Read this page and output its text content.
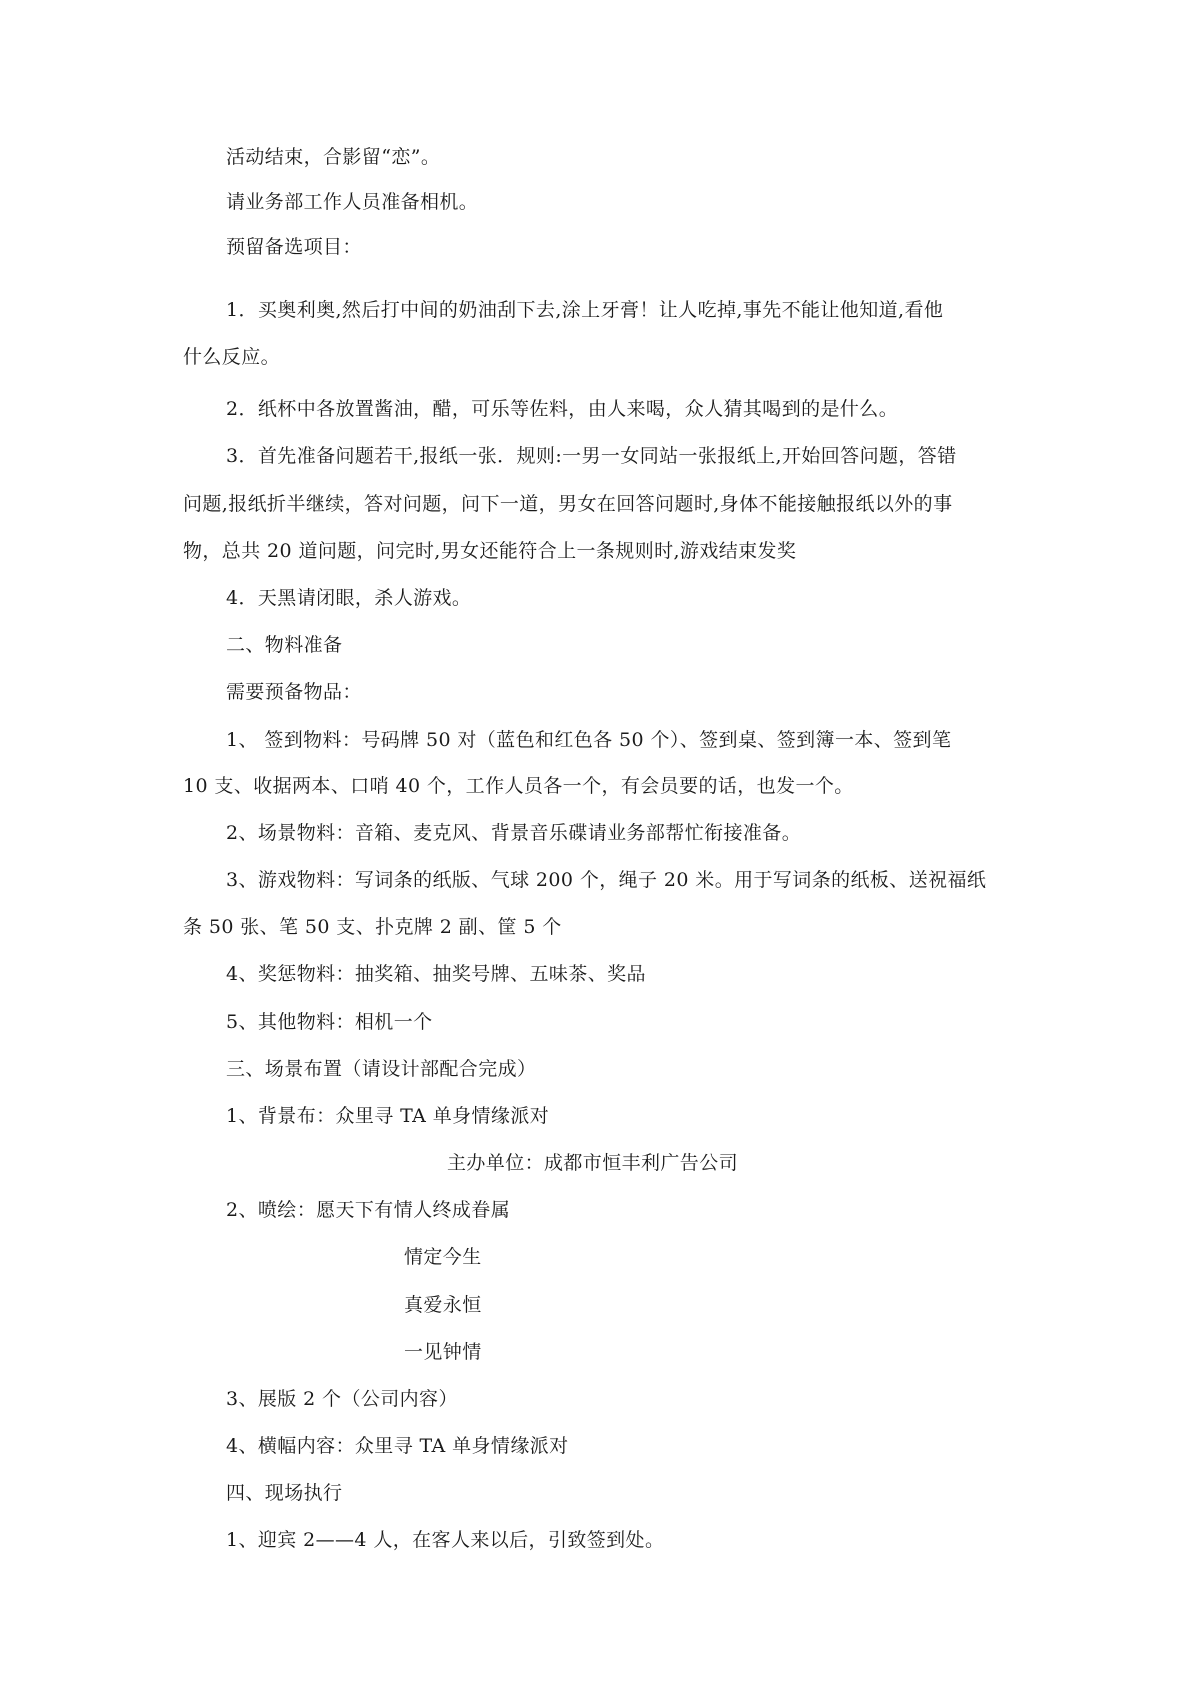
活动结束，合影留“恋”。
请业务部工作人员准备相机。
预留备选项目：
1．买奥利奥,然后打中间的奶油刮下去,涂上牙膏！让人吃掉,事先不能让他知道,看他
什么反应。
2．纸杯中各放置酱油，醋，可乐等佐料，由人来喝，众人猜其喝到的是什么。
3．首先准备问题若干,报纸一张．规则:一男一女同站一张报纸上,开始回答问题，答错
问题,报纸折半继续，答对问题，问下一道，男女在回答问题时,身体不能接触报纸以外的事
物，总共 20 道问题，问完时,男女还能符合上一条规则时,游戏结束发奖
4．天黑请闭眼，杀人游戏。
二、物料准备
需要预备物品：
1、 签到物料：号码牌 50 对（蓝色和红色各 50 个）、签到桌、签到簿一本、签到笔
10 支、收据两本、口哨 40 个，工作人员各一个，有会员要的话，也发一个。
2、场景物料：音箱、麦克风、背景音乐碟请业务部帮忙衔接准备。
3、游戏物料：写词条的纸版、气球 200 个，绳子 20 米。用于写词条的纸板、送祝福纸
条 50 张、笔 50 支、扑克牌 2 副、筐 5 个
4、奖惩物料：抽奖箱、抽奖号牌、五味茶、奖品
5、其他物料：相机一个
三、场景布置（请设计部配合完成）
1、背景布：众里寻 TA 单身情缘派对
主办单位：成都市恒丰利广告公司
2、喷绘：愿天下有情人终成眷属
情定今生
真爱永恒
一见钟情
3、展版 2 个（公司内容）
4、横幅内容：众里寻 TA 单身情缘派对
四、现场执行
1、迎宾 2——4 人，在客人来以后，引致签到处。
